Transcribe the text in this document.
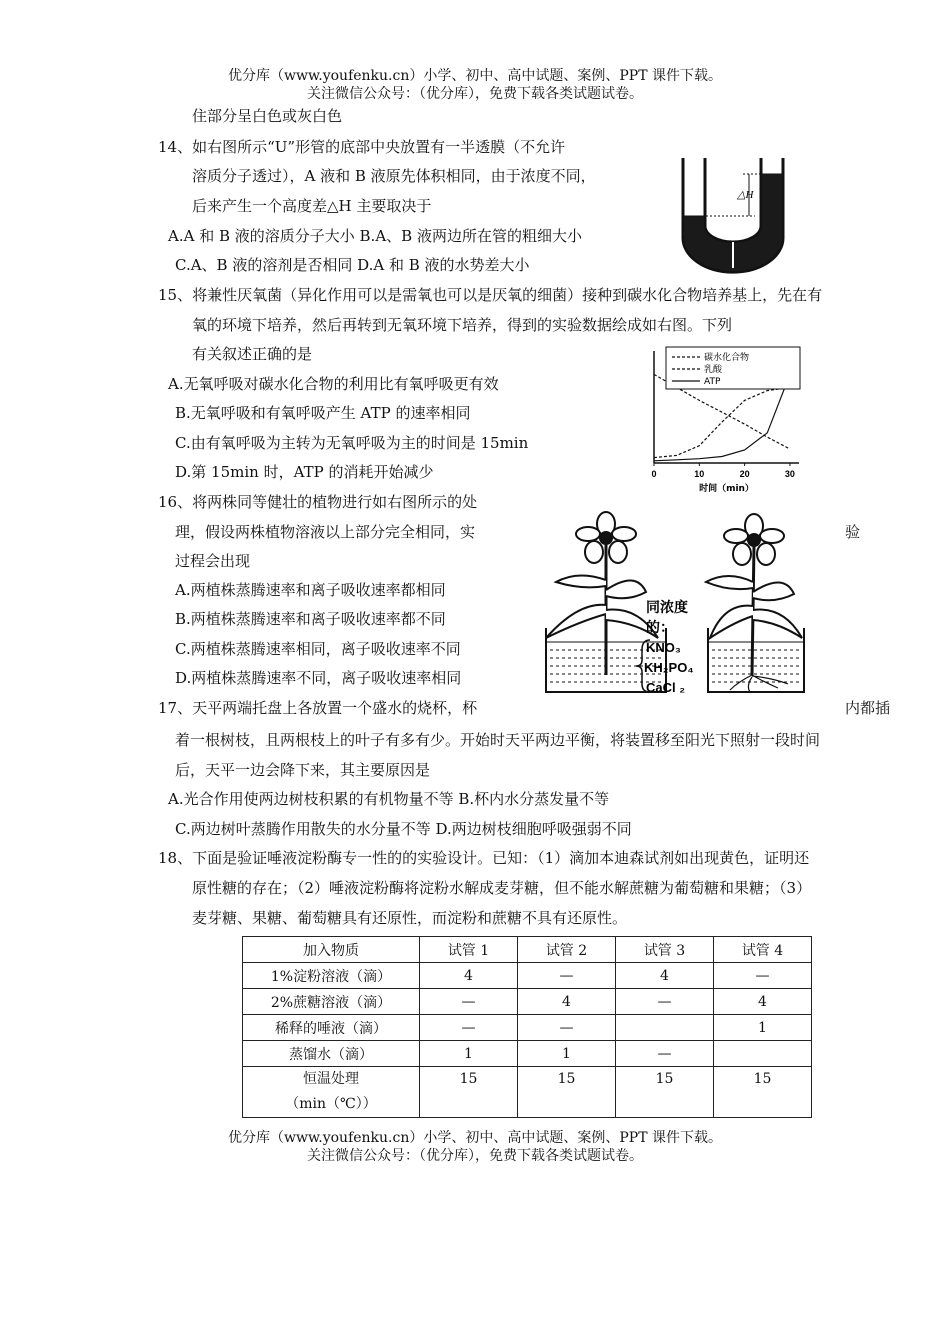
优分库（www.youfenku.cn）小学、初中、高中试题、案例、PPT 课件下载。
关注微信公众号：（优分库），免费下载各类试题试卷。
住部分呈白色或灰白色
14、如右图所示“U”形管的底部中央放置有一半透膜（不允许
溶质分子透过），A 液和 B 液原先体积相同，由于浓度不同，
后来产生一个高度差△H 主要取决于
A.A 和 B 液的溶质分子大小 B.A、B 液两边所在管的粗细大小
C.A、B 液的溶剂是否相同 D.A 和 B 液的水势差大小
△H
15、将兼性厌氧菌（异化作用可以是需氧也可以是厌氧的细菌）接种到碳水化合物培养基上，先在有
氧的环境下培养，然后再转到无氧环境下培养，得到的实验数据绘成如右图。下列
有关叙述正确的是
A.无氧呼吸对碳水化合物的利用比有氧呼吸更有效
B.无氧呼吸和有氧呼吸产生 ATP 的速率相同
C.由有氧呼吸为主转为无氧呼吸为主的时间是 15min
D.第 15min 时，ATP 的消耗开始减少	0	10	20	30
时间（min）
碳水化合物
乳酸
ATP
16、将两株同等健壮的植物进行如右图所示的处
理，假设两株植物溶液以上部分完全相同，实	验
过程会出现
A.两植株蒸腾速率和离子吸收速率都相同
B.两植株蒸腾速率和离子吸收速率都不同
C.两植株蒸腾速率相同，离子吸收速率不同
D.两植株蒸腾速率不同，离子吸收速率相同
同浓度
的：
KNO₃
KH₂PO₄
CaCl ₂
17、天平两端托盘上各放置一个盛水的烧杯，杯	内都插
着一根树枝，且两根枝上的叶子有多有少。开始时天平两边平衡，将装置移至阳光下照射一段时间
后，天平一边会降下来，其主要原因是
A.光合作用使两边树枝积累的有机物量不等 B.杯内水分蒸发量不等
C.两边树叶蒸腾作用散失的水分量不等 D.两边树枝细胞呼吸强弱不同
18、下面是验证唾液淀粉酶专一性的的实验设计。已知：（1）滴加本迪森试剂如出现黄色，证明还
原性糖的存在；（2）唾液淀粉酶将淀粉水解成麦芽糖，但不能水解蔗糖为葡萄糖和果糖；（3）
麦芽糖、果糖、葡萄糖具有还原性，而淀粉和蔗糖不具有还原性。
加入物质	试管 1	试管 2	试管 3	试管 4
1%淀粉溶液（滴）	4	—	4	—
2%蔗糖溶液（滴）	—	4	—	4
稀释的唾液（滴）	—	—		1
蒸馏水（滴）	1	1	—	

恒温处理
（min（℃））	15	15	15	15
优分库（www.youfenku.cn）小学、初中、高中试题、案例、PPT 课件下载。
关注微信公众号：（优分库），免费下载各类试题试卷。
